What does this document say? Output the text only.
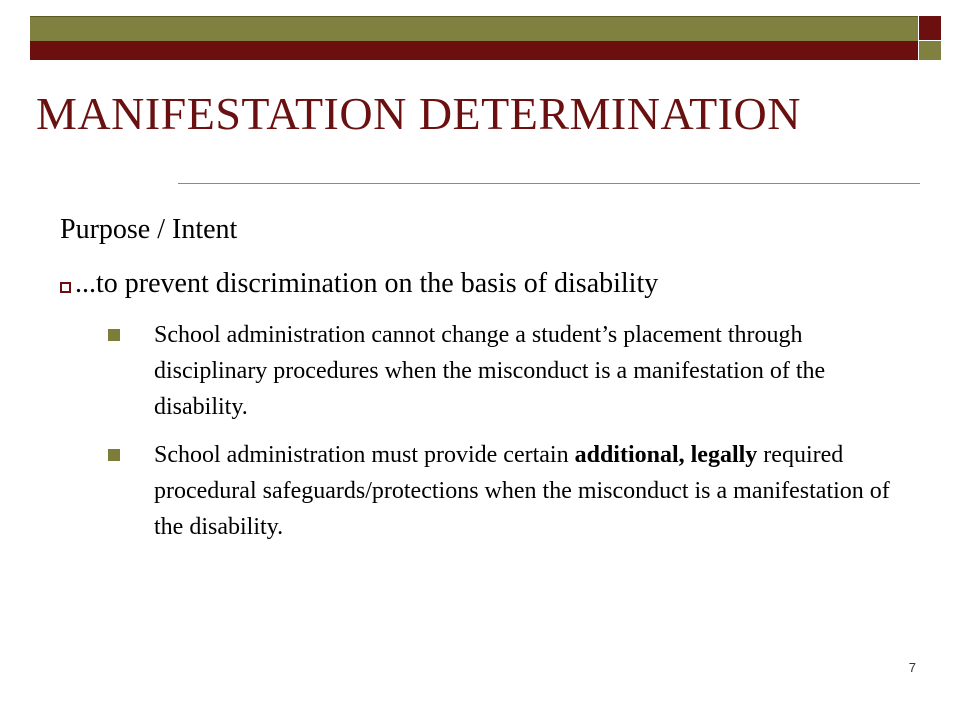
MANIFESTATION DETERMINATION
Purpose / Intent
...to prevent discrimination on the basis of disability
School administration cannot change a student’s placement through disciplinary procedures when the misconduct is a manifestation of the disability.
School administration must provide certain additional, legally required procedural safeguards/protections when the misconduct is a manifestation of the disability.
7
